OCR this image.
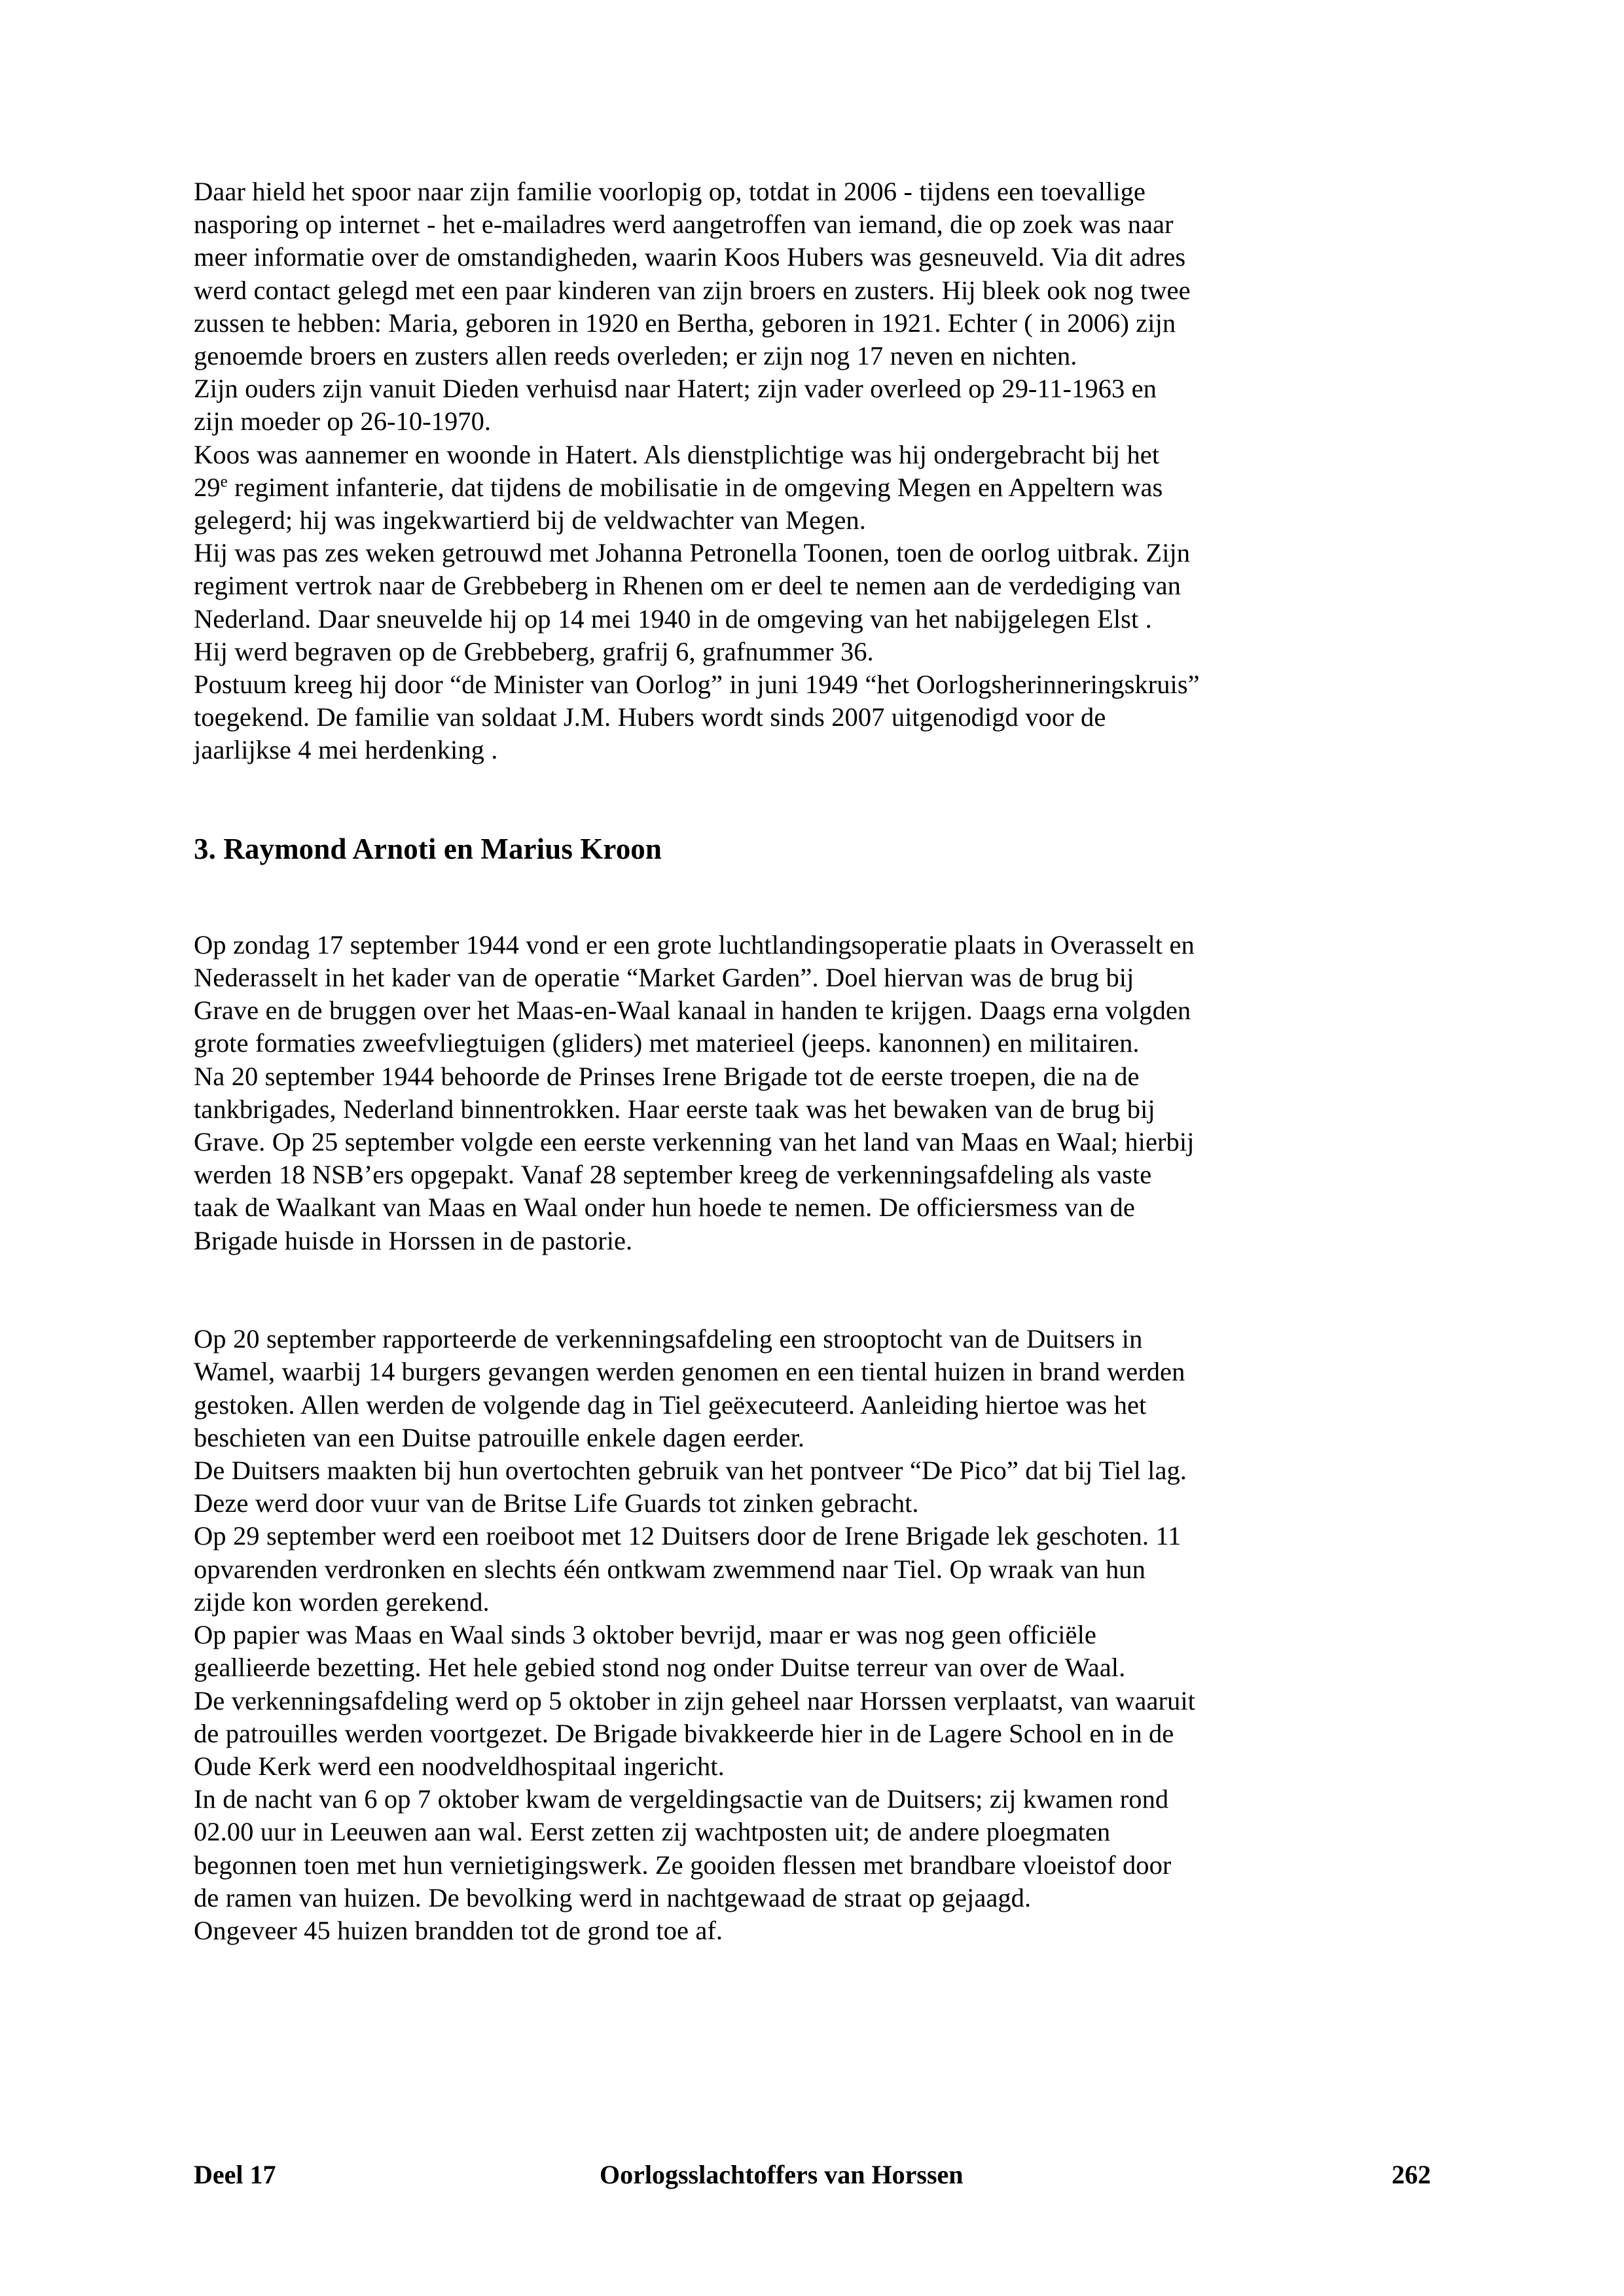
Daar hield het spoor naar zijn familie voorlopig op, totdat in 2006 - tijdens een toevallige

nasporing op internet - het e-mailadres werd aangetroffen van iemand, die op zoek was naar

meer informatie over de omstandigheden, waarin Koos Hubers was gesneuveld. Via dit adres

werd contact gelegd met een paar kinderen van zijn broers en zusters. Hij bleek ook nog twee

zussen te hebben: Maria, geboren in 1920 en Bertha, geboren in 1921. Echter ( in 2006) zijn

genoemde broers en zusters allen reeds overleden; er zijn nog 17 neven en nichten.

Zijn ouders zijn vanuit Dieden verhuisd naar Hatert; zijn vader overleed op 29-11-1963 en

zijn moeder op 26-10-1970.

Koos was aannemer en woonde in Hatert. Als dienstplichtige was hij ondergebracht bij het

29e regiment infanterie, dat tijdens de mobilisatie in de omgeving Megen en Appeltern was

gelegerd; hij was ingekwartierd bij de veldwachter van Megen.

Hij was pas zes weken getrouwd met Johanna Petronella Toonen, toen de oorlog uitbrak. Zijn

regiment vertrok naar de Grebbeberg in Rhenen om er deel te nemen aan de verdediging van

Nederland. Daar sneuvelde hij op 14 mei 1940 in de omgeving van het nabijgelegen Elst .

Hij werd begraven op de Grebbeberg, grafrij 6, grafnummer 36.

Postuum kreeg hij door “de Minister van Oorlog” in juni 1949 “het Oorlogsherinneringskruis”

toegekend. De familie van soldaat J.M. Hubers wordt sinds 2007 uitgenodigd voor de

jaarlijkse 4 mei herdenking .

3. Raymond Arnoti en Marius Kroon

Op zondag 17 september 1944 vond er een grote luchtlandingsoperatie plaats in Overasselt en

Nederasselt in het kader van de operatie “Market Garden”. Doel hiervan was de brug bij

Grave en de bruggen over het Maas-en-Waal kanaal in handen te krijgen. Daags erna volgden

grote formaties zweefvliegtuigen (gliders) met materieel (jeeps. kanonnen) en militairen.

Na 20 september 1944 behoorde de Prinses Irene Brigade tot de eerste troepen, die na de

tankbrigades, Nederland binnentrokken. Haar eerste taak was het bewaken van de brug bij

Grave. Op 25 september volgde een eerste verkenning van het land van Maas en Waal; hierbij

werden 18 NSB’ers opgepakt. Vanaf 28 september kreeg de verkenningsafdeling als vaste

taak de Waalkant van Maas en Waal onder hun hoede te nemen. De officiersmess van de

Brigade huisde in Horssen in de pastorie.

Op 20 september rapporteerde de verkenningsafdeling een strooptocht van de Duitsers in

Wamel, waarbij 14 burgers gevangen werden genomen en een tiental huizen in brand werden

gestoken. Allen werden de volgende dag in Tiel geëxecuteerd. Aanleiding hiertoe was het

beschieten van een Duitse patrouille enkele dagen eerder.

De Duitsers maakten bij hun overtochten gebruik van het pontveer “De Pico” dat bij Tiel lag.

Deze werd door vuur van de Britse Life Guards tot zinken gebracht.

Op 29 september werd een roeiboot met 12 Duitsers door de Irene Brigade lek geschoten. 11

opvarenden verdronken en slechts één ontkwam zwemmend naar Tiel. Op wraak van hun

zijde kon worden gerekend.

Op papier was Maas en Waal sinds 3 oktober bevrijd, maar er was nog geen officiële

geallieerde bezetting. Het hele gebied stond nog onder Duitse terreur van over de Waal.

De verkenningsafdeling werd op 5 oktober in zijn geheel naar Horssen verplaatst, van waaruit

de patrouilles werden voortgezet. De Brigade bivakkeerde hier in de Lagere School en in de

Oude Kerk werd een noodveldhospitaal ingericht.

In de nacht van 6 op 7 oktober kwam de vergeldingsactie van de Duitsers; zij kwamen rond

02.00 uur in Leeuwen aan wal. Eerst zetten zij wachtposten uit; de andere ploegmaten

begonnen toen met hun vernietigingswerk. Ze gooiden flessen met brandbare vloeistof door

de ramen van huizen. De bevolking werd in nachtgewaad de straat op gejaagd.

Ongeveer 45 huizen brandden tot de grond toe af.

Deel 17	Oorlogsslachtoffers van Horssen	262
